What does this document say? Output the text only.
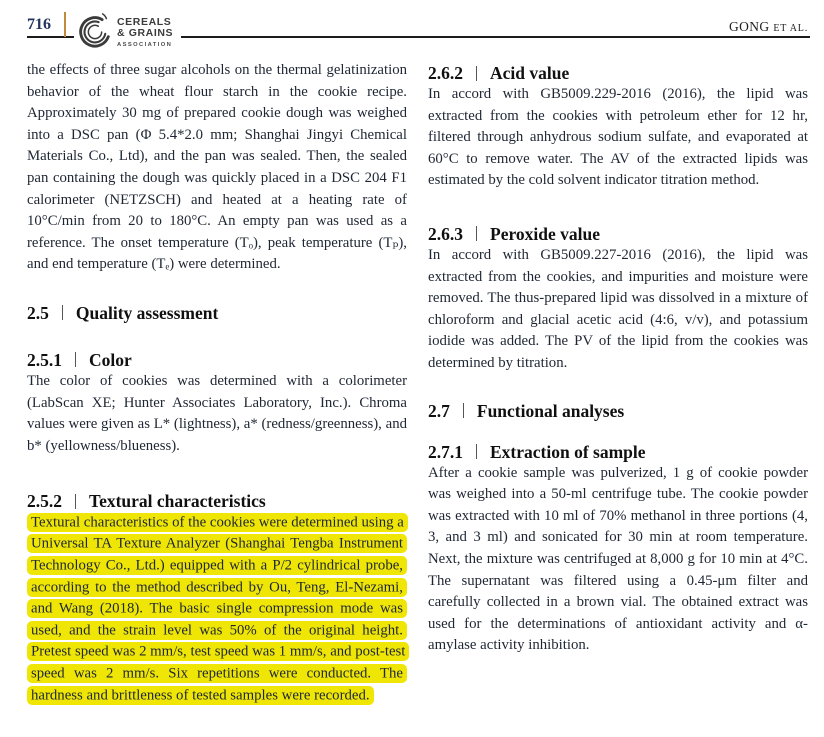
716	CEREALS
& GRAINS
ASSOCIATION
GONG ET AL.

the effects of three sugar alcohols on the thermal gelatinization behavior of the wheat flour starch in the cookie recipe. Approximately 30 mg of prepared cookie dough was weighed into a DSC pan (Φ 5.4*2.0 mm; Shanghai Jingyi Chemical Materials Co., Ltd), and the pan was sealed. Then, the sealed pan containing the dough was quickly placed in a DSC 204 F1 calorimeter (NETZSCH) and heated at a heating rate of 10°C/min from 20 to 180°C. An empty pan was used as a reference. The onset temperature (Tₒ), peak temperature (Tₚ), and end temperature (Tₑ) were determined.

2.5 Quality assessment
2.5.1 Color

The color of cookies was determined with a colorimeter (LabScan XE; Hunter Associates Laboratory, Inc.). Chroma values were given as L* (lightness), a* (redness/greenness), and b* (yellowness/blueness).

2.5.2 Textural characteristics

Textural characteristics of the cookies were determined using a Universal TA Texture Analyzer (Shanghai Tengba Instrument Technology Co., Ltd.) equipped with a P/2 cylindrical probe, according to the method described by Ou, Teng, El-Nezami, and Wang (2018). The basic single compression mode was used, and the strain level was 50% of the original height. Pretest speed was 2 mm/s, test speed was 1 mm/s, and post-test speed was 2 mm/s. Six repetitions were conducted. The hardness and brittleness of tested samples were recorded.

2.6.2 Acid value

In accord with GB5009.229-2016 (2016), the lipid was extracted from the cookies with petroleum ether for 12 hr, filtered through anhydrous sodium sulfate, and evaporated at 60°C to remove water. The AV of the extracted lipids was estimated by the cold solvent indicator titration method.

2.6.3 Peroxide value

In accord with GB5009.227-2016 (2016), the lipid was extracted from the cookies, and impurities and moisture were removed. The thus-prepared lipid was dissolved in a mixture of chloroform and glacial acetic acid (4:6, v/v), and potassium iodide was added. The PV of the lipid from the cookies was determined by titration.

2.7 Functional analyses
2.7.1 Extraction of sample

After a cookie sample was pulverized, 1 g of cookie powder was weighed into a 50-ml centrifuge tube. The cookie powder was extracted with 10 ml of 70% methanol in three portions (4, 3, and 3 ml) and sonicated for 30 min at room temperature. Next, the mixture was centrifuged at 8,000 g for 10 min at 4°C. The supernatant was filtered using a 0.45-μm filter and carefully collected in a brown vial. The obtained extract was used for the determinations of antioxidant activity and α-amylase activity inhibition.
